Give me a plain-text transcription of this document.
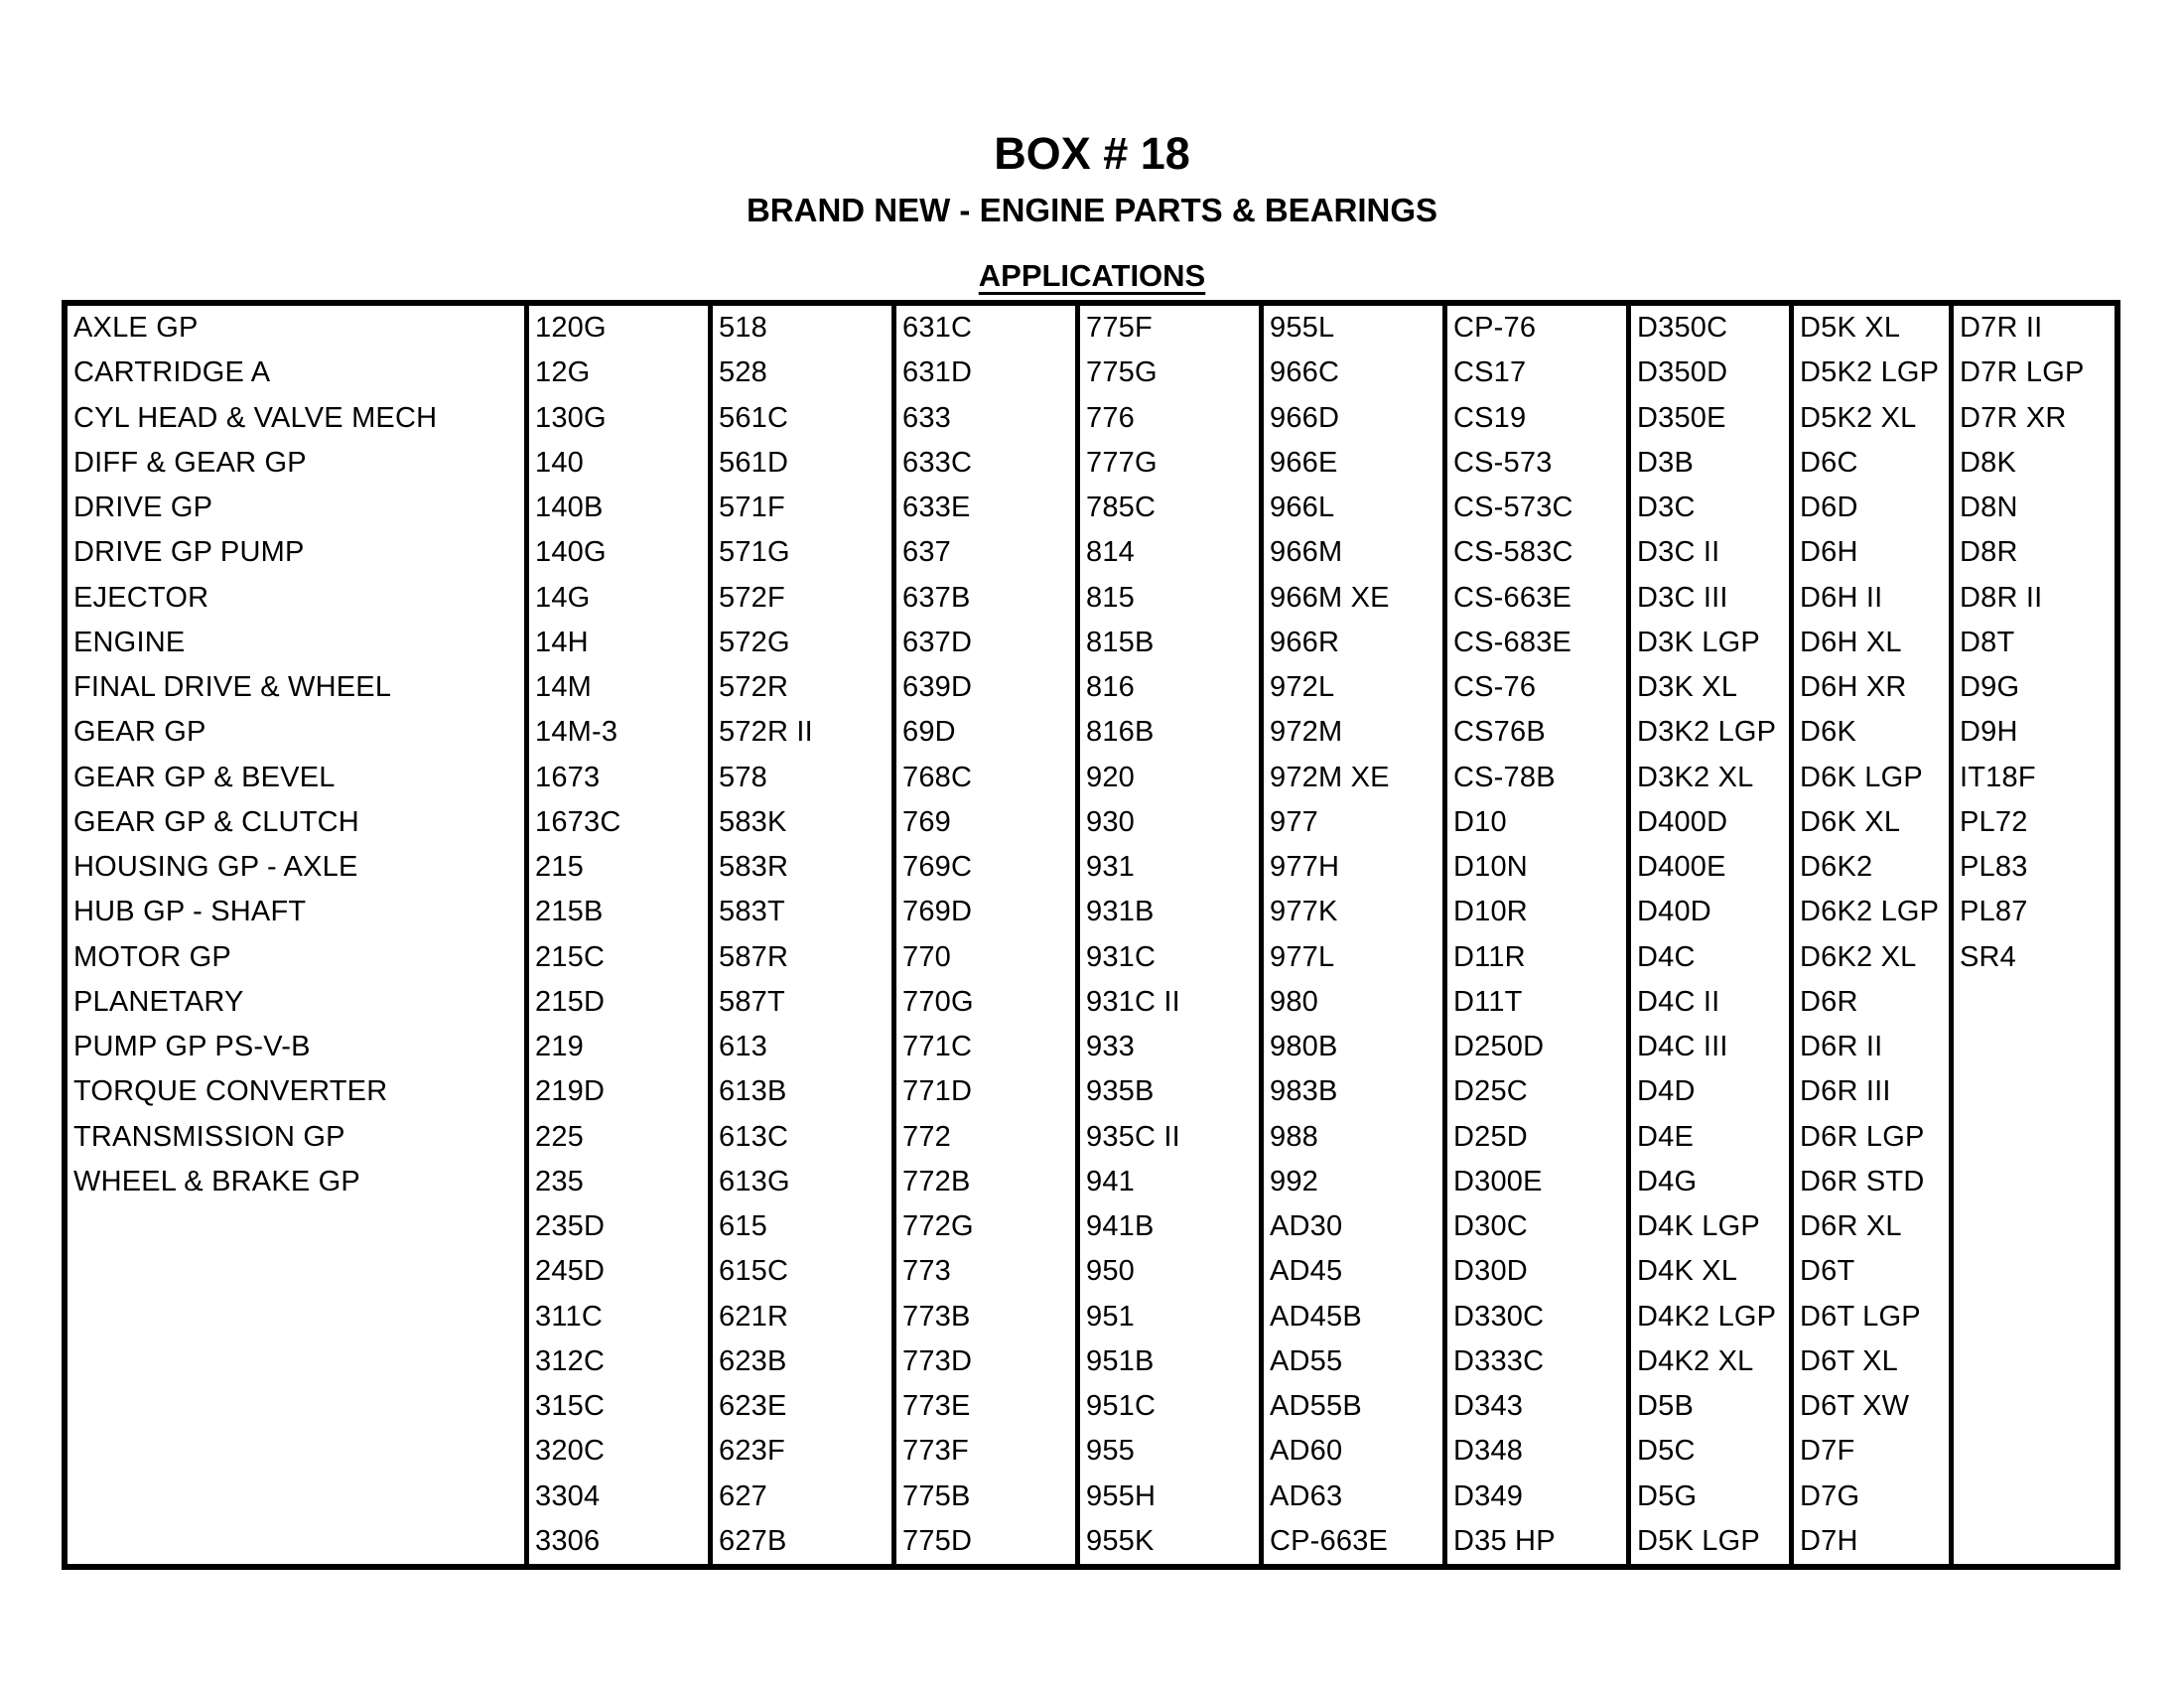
BOX # 18
BRAND NEW - ENGINE PARTS & BEARINGS

APPLICATIONS
AXLE GP
CARTRIDGE A
CYL HEAD & VALVE MECH
DIFF & GEAR GP
DRIVE GP
DRIVE GP PUMP
EJECTOR
ENGINE
FINAL DRIVE & WHEEL
GEAR GP
GEAR GP & BEVEL
GEAR GP & CLUTCH
HOUSING GP - AXLE
HUB GP - SHAFT
MOTOR GP
PLANETARY
PUMP GP PS-V-B
TORQUE CONVERTER
TRANSMISSION GP
WHEEL & BRAKE GP
120G
12G
130G
140
140B
140G
14G
14H
14M
14M-3
1673
1673C
215
215B
215C
215D
219
219D
225
235
235D
245D
311C
312C
315C
320C
3304
3306
518
528
561C
561D
571F
571G
572F
572G
572R
572R II
578
583K
583R
583T
587R
587T
613
613B
613C
613G
615
615C
621R
623B
623E
623F
627
627B
631C
631D
633
633C
633E
637
637B
637D
639D
69D
768C
769
769C
769D
770
770G
771C
771D
772
772B
772G
773
773B
773D
773E
773F
775B
775D
775F
775G
776
777G
785C
814
815
815B
816
816B
920
930
931
931B
931C
931C II
933
935B
935C II
941
941B
950
951
951B
951C
955
955H
955K
955L
966C
966D
966E
966L
966M
966M XE
966R
972L
972M
972M XE
977
977H
977K
977L
980
980B
983B
988
992
AD30
AD45
AD45B
AD55
AD55B
AD60
AD63
CP-663E
CP-76
CS17
CS19
CS-573
CS-573C
CS-583C
CS-663E
CS-683E
CS-76
CS76B
CS-78B
D10
D10N
D10R
D11R
D11T
D250D
D25C
D25D
D300E
D30C
D30D
D330C
D333C
D343
D348
D349
D35 HP
D350C
D350D
D350E
D3B
D3C
D3C II
D3C III
D3K LGP
D3K XL
D3K2 LGP
D3K2 XL
D400D
D400E
D40D
D4C
D4C II
D4C III
D4D
D4E
D4G
D4K LGP
D4K XL
D4K2 LGP
D4K2 XL
D5B
D5C
D5G
D5K LGP
D5K XL
D5K2 LGP
D5K2 XL
D6C
D6D
D6H
D6H II
D6H XL
D6H XR
D6K
D6K LGP
D6K XL
D6K2
D6K2 LGP
D6K2 XL
D6R
D6R II
D6R III
D6R LGP
D6R STD
D6R XL
D6T
D6T LGP
D6T XL
D6T XW
D7F
D7G
D7H
D7R II
D7R LGP
D7R XR
D8K
D8N
D8R
D8R II
D8T
D9G
D9H
IT18F
PL72
PL83
PL87
SR4
